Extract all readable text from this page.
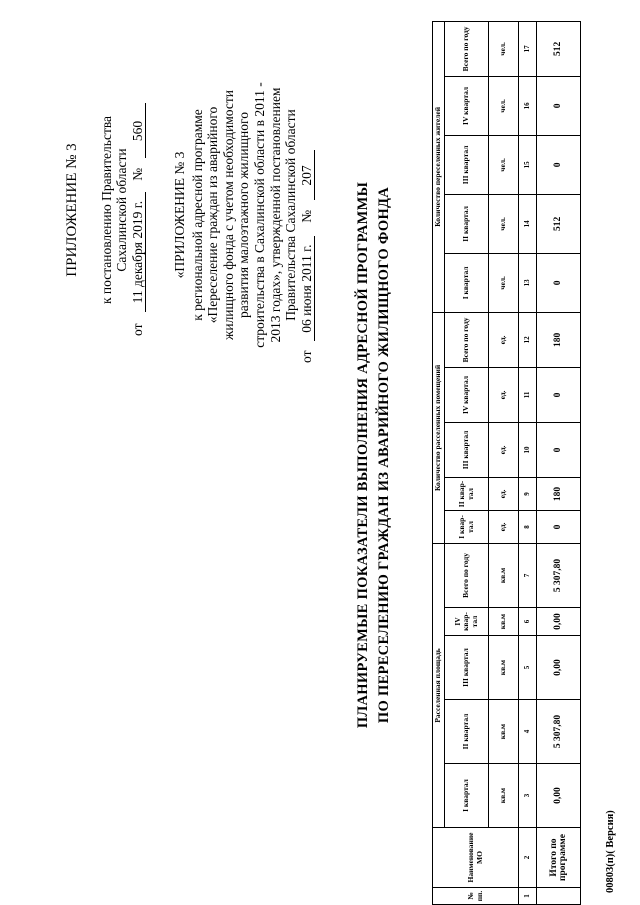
ПРИЛОЖЕНИЕ № 3 к постановлению Правительства Сахалинской области
от 11 декабря 2019 г. № 560
«ПРИЛОЖЕНИЕ № 3 к региональной адресной программе «Переселение граждан из аварийного жилищного фонда с учетом необходимости развития малоэтажного жилищного строительства в Сахалинской области в 2011 - 2013 годах», утвержденной постановлением Правительства Сахалинской области
от 06 июня 2011 г. № 207
ПЛАНИРУЕМЫЕ ПОКАЗАТЕЛИ ВЫПОЛНЕНИЯ АДРЕСНОЙ ПРОГРАММЫ ПО ПЕРЕСЕЛЕНИЮ ГРАЖДАН ИЗ АВАРИЙНОГО ЖИЛИЩНОГО ФОНДА
№ пп.	Наименование МО	Расселенная площадь					Количество расселенных помещений					Количество переселенных жителей				
		I квартал	II квартал	III квартал	IV квар-тал	Всего по году	I квар-тал	II квар-тал	III квартал	IV квартал	Всего по году	I квартал	II квартал	III квартал	IV квартал	Всего по году
		кв.м	кв.м	кв.м	кв.м	кв.м	ед.	ед.	ед.	ед.	ед.	чел.	чел.	чел.	чел.	чел.
1	2	3	4	5	6	7	8	9	10	11	12	13	14	15	16	17
	Итого по программе	0,00	5 307,80	0,00	0,00	5 307,80	0	180	0	0	180	0	512	0	0	512
00803(п)( Версия)
